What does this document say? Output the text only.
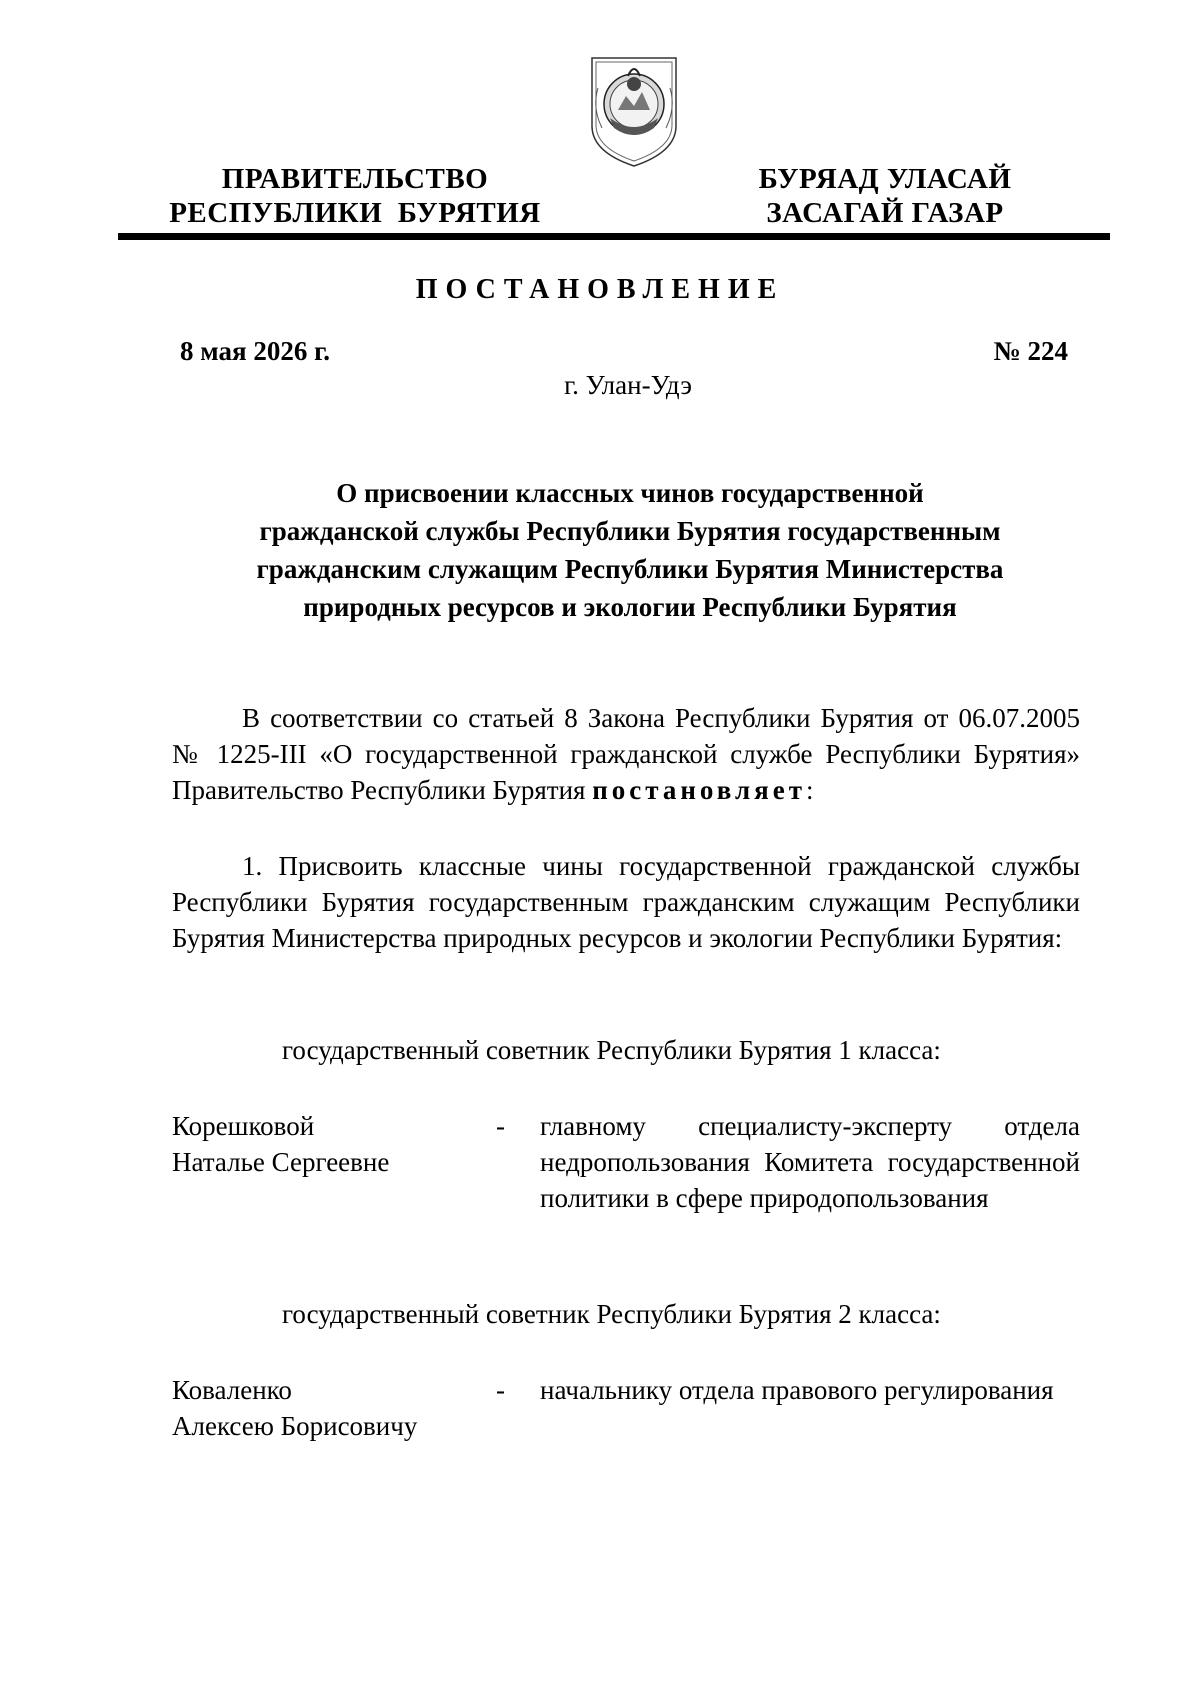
ПРАВИТЕЛЬСТВО
РЕСПУБЛИКИ  БУРЯТИЯ
БУРЯАД УЛАСАЙ
ЗАСАГАЙ ГАЗАР
ПОСТАНОВЛЕНИЕ
8 мая 2026 г.	№ 224
г. Улан-Удэ
О присвоении классных чинов государственной
гражданской службы Республики Бурятия государственным
гражданским служащим Республики Бурятия Министерства
природных ресурсов и экологии Республики Бурятия
В соответствии со статьей 8 Закона Республики Бурятия от 06.07.2005 № 1225-III «О государственной гражданской службе Республики Бурятия» Правительство Республики Бурятия постановляет:
1. Присвоить классные чины государственной гражданской службы Республики Бурятия государственным гражданским служащим Республики Бурятия Министерства природных ресурсов и экологии Республики Бурятия:
государственный советник Республики Бурятия 1 класса:
Корешковой
Наталье Сергеевне
- главному специалисту-эксперту отдела недропользования Комитета государственной политики в сфере природопользования
государственный советник Республики Бурятия 2 класса:
Коваленко
Алексею Борисовичу
- начальнику отдела правового регулирования
